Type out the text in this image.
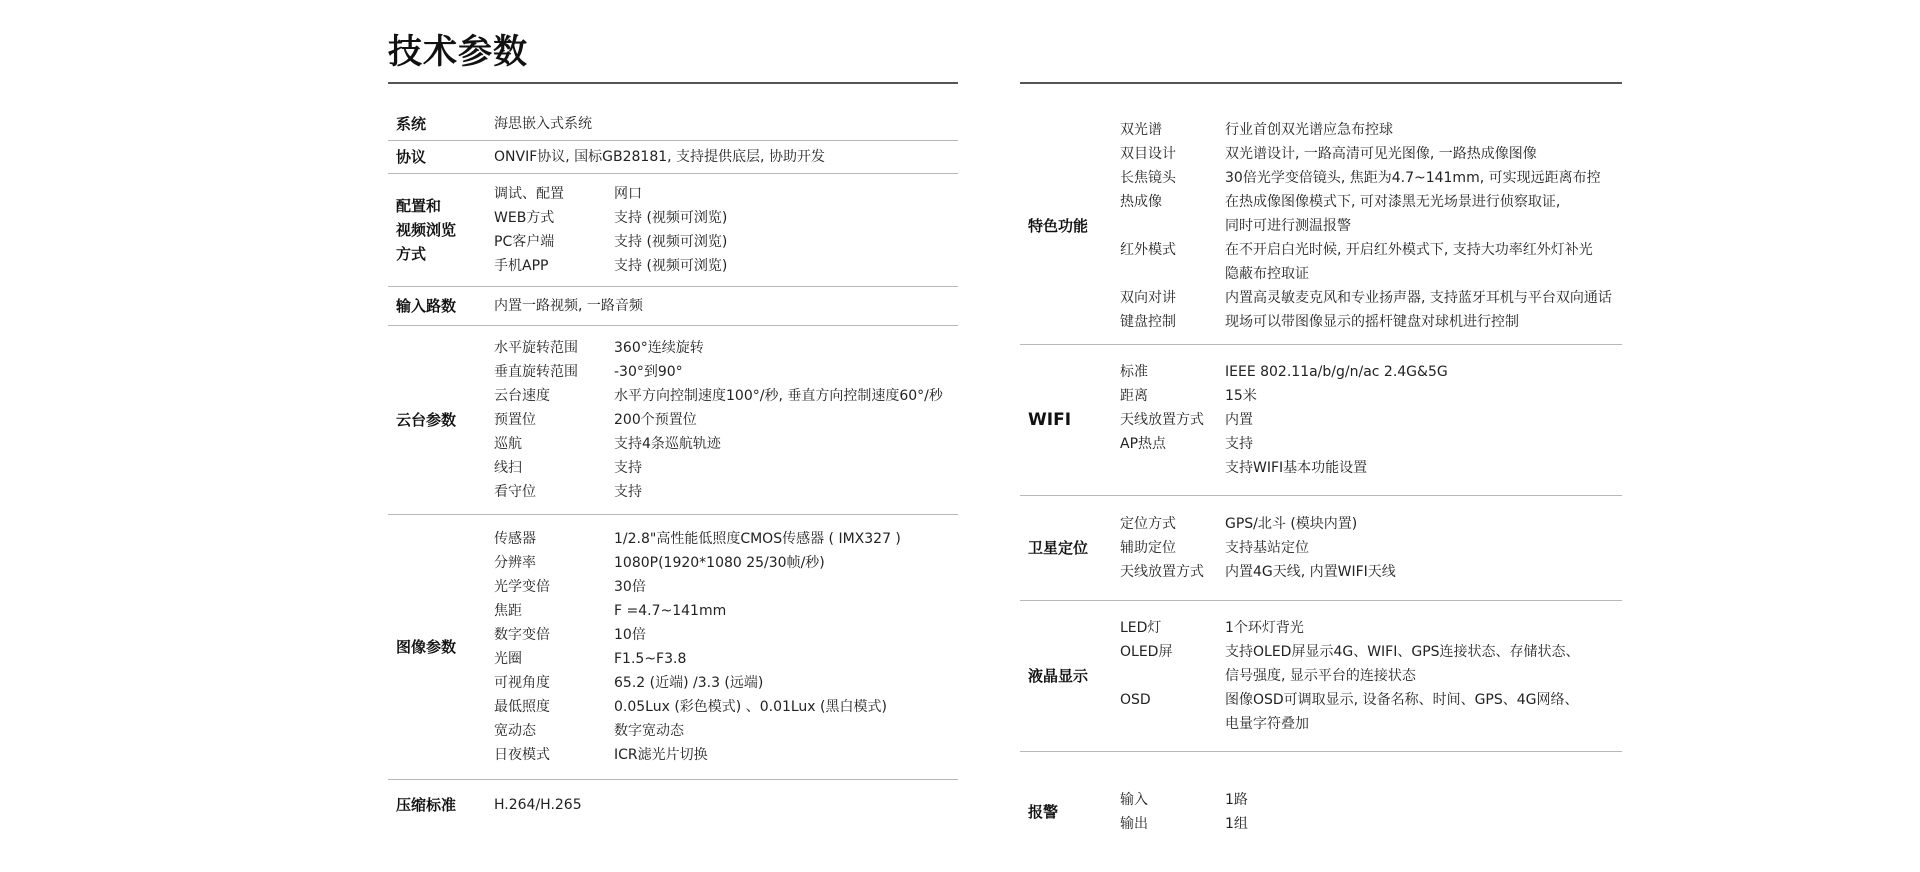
技术参数
系统	海思嵌入式系统
协议	ONVIF协议, 国标GB28181, 支持提供底层, 协助开发
配置和
视频浏览
方式
调试、配置	网口
WEB方式	支持 (视频可浏览)
PC客户端	支持 (视频可浏览)
手机APP	支持 (视频可浏览)
输入路数	内置一路视频, 一路音频
云台参数
水平旋转范围	360°连续旋转
垂直旋转范围	-30°到90°
云台速度	水平方向控制速度100°/秒, 垂直方向控制速度60°/秒
预置位	200个预置位
巡航	支持4条巡航轨迹
线扫	支持
看守位	支持
图像参数
传感器	1/2.8"高性能低照度CMOS传感器 ( IMX327 )
分辨率	1080P(1920*1080 25/30帧/秒)
光学变倍	30倍
焦距	F =4.7~141mm
数字变倍	10倍
光圈	F1.5~F3.8
可视角度	65.2 (近端) /3.3 (远端)
最低照度	0.05Lux (彩色模式) 、0.01Lux (黑白模式)
宽动态	数字宽动态
日夜模式	ICR滤光片切换
压缩标准	H.264/H.265
特色功能
双光谱	行业首创双光谱应急布控球
双目设计	双光谱设计, 一路高清可见光图像, 一路热成像图像
长焦镜头	30倍光学变倍镜头, 焦距为4.7~141mm, 可实现远距离布控
热成像	在热成像图像模式下, 可对漆黑无光场景进行侦察取证,
同时可进行测温报警
红外模式	在不开启白光时候, 开启红外模式下, 支持大功率红外灯补光
隐蔽布控取证
双向对讲	内置高灵敏麦克风和专业扬声器, 支持蓝牙耳机与平台双向通话
键盘控制	现场可以带图像显示的摇杆键盘对球机进行控制
WIFI
标准	IEEE 802.11a/b/g/n/ac 2.4G&5G
距离	15米
天线放置方式 内置
AP热点	支持
支持WIFI基本功能设置
卫星定位
定位方式	GPS/北斗 (模块内置)
辅助定位	支持基站定位
天线放置方式 内置4G天线, 内置WIFI天线
液晶显示
LED灯	1个环灯背光
OLED屏	支持OLED屏显示4G、WIFI、GPS连接状态、存储状态、
信号强度, 显示平台的连接状态
OSD	图像OSD可调取显示, 设备名称、时间、GPS、4G网络、
电量字符叠加
报警
输入	1路
输出	1组
